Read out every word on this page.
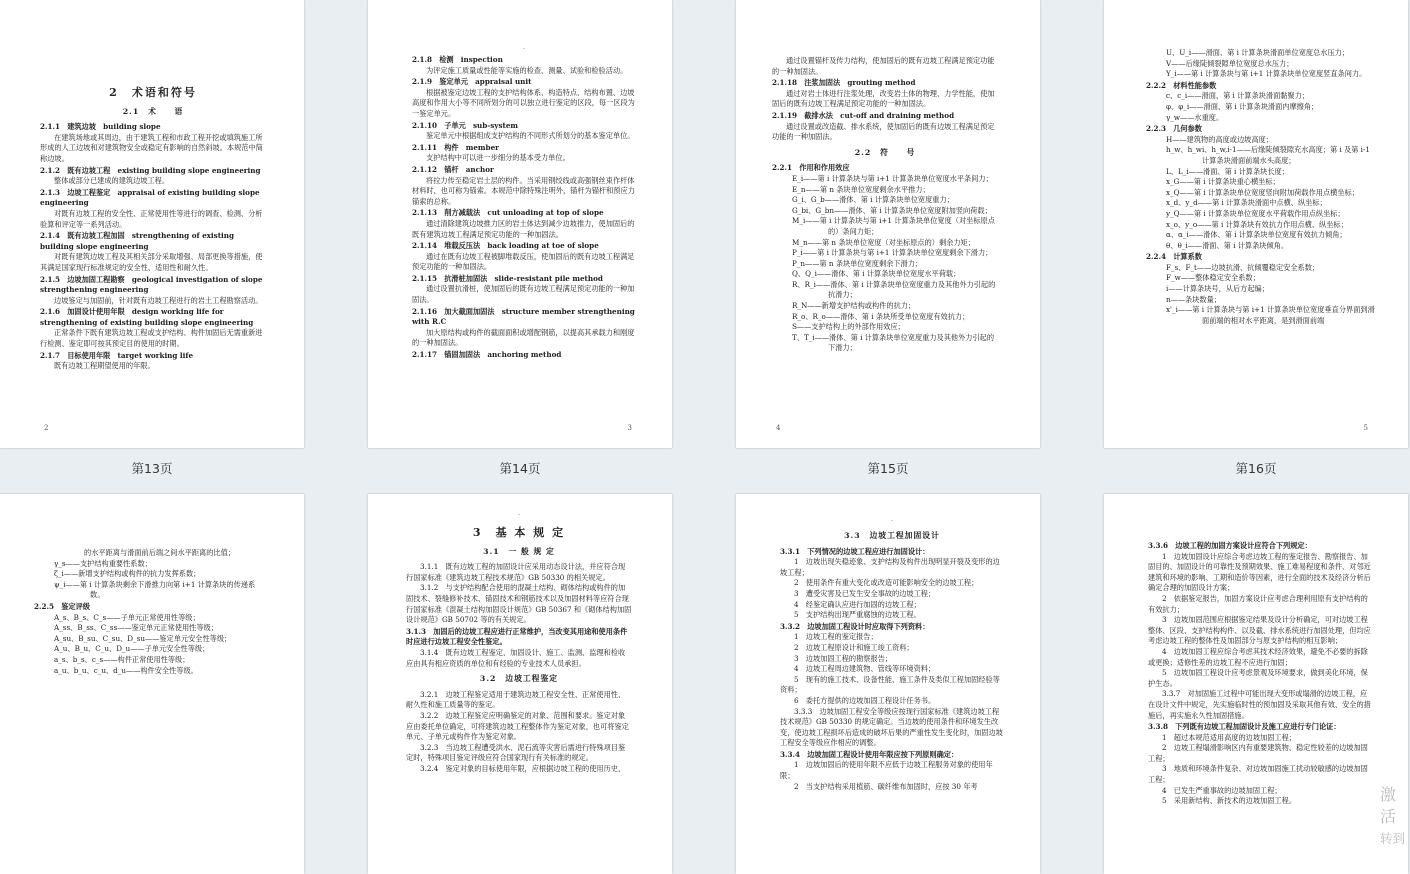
2　术语和符号
2.1　术　　语
2.1.1　建筑边坡　building slope
在建筑场地或其周边，由于建筑工程和市政工程开挖或填筑施工所形成的人工边坡和对建筑物安全或稳定有影响的自然斜坡。本规范中简称边坡。
2.1.2　既有边坡工程　existing building slope engineering
整体或部分已建成的建筑边坡工程。
2.1.3　边坡工程鉴定　appraisal of existing building slope engineering
对既有边坡工程的安全性、正常使用性等进行的调查、检测、分析验算和评定等一系列活动。
2.1.4　既有边坡工程加固　strengthening of existing building slope engineering
对既有建筑边坡工程及其相关部分采取增强、局部更换等措施，使其满足国家现行标准规定的安全性、适用性和耐久性。
2.1.5　边坡加固工程勘察　geological investigation of slope strengthening engineering
边坡鉴定与加固前，针对既有边坡工程进行的岩土工程勘察活动。
2.1.6　加固设计使用年限　design working life for strengthening of existing building slope engineering
正常条件下既有建筑边坡工程或支护结构、构件加固后无需重新进行检测、鉴定即可按其预定目的使用的时期。
2.1.7　目标使用年限　target working life
既有边坡工程期望使用的年限。
2
·
2.1.8　检测　inspection
为评定施工质量或性能等实施的检查、测量、试验和检验活动。
2.1.9　鉴定单元　appraisal unit
根据被鉴定边坡工程的支护结构体系、构造特点、结构布置、边坡高度和作用大小等不同所划分的可以独立进行鉴定的区段，每一区段为一鉴定单元。
2.1.10　子单元　sub-system
鉴定单元中根据组成支护结构的不同形式所划分的基本鉴定单位。
2.1.11　构件　member
支护结构中可以进一步细分的基本受力单位。
2.1.12　锚杆　anchor
将拉力传至稳定岩土层的构件。当采用钢绞线或高强钢丝束作杆体材料时，也可称为锚索。本规范中除特殊注明外，锚杆为锚杆和预应力锚索的总称。
2.1.13　削方减载法　cut unloading at top of slope
通过清除建筑边坡推力区的岩土体达到减少边坡推力，使加固后的既有建筑边坡工程满足预定功能的一种加固法。
2.1.14　堆载反压法　back loading at toe of slope
通过在既有边坡工程被脚堆载反压，使加固后的既有边坡工程满足预定功能的一种加固法。
2.1.15　抗滑桩加固法　slide-resistant pile method
通过设置抗滑桩，使加固后的既有边坡工程满足预定功能的一种加固法。
2.1.16　加大截面加固法　structure member strengthening with R.C
加大原结构或构件的截面面积或增配钢筋，以提高其承载力和刚度的一种加固法。
2.1.17　锚固加固法　anchoring method
3
通过设置锚杆及传力结构，使加固后的既有边坡工程满足预定功能的一种加固法。
2.1.18　注浆加固法　grouting method
通过对岩土体进行注浆处理，改变岩土体的物理、力学性能，使加固后的既有边坡工程满足预定功能的一种加固法。
2.1.19　截排水法　cut-off and draining method
通过设置或改造截、排水系统，使加固后的既有边坡工程满足预定功能的一种加固法。
2.2　符　　号
2.2.1　作用和作用效应
E_i——第 i 计算条块与第 i+1 计算条块单位宽度水平条间力；
E_n——第 n 条块单位宽度剩余水平推力；
G_i、G_b——滑体、第 i 计算条块单位宽度重力；
G_bi、G_bn——滑体、第 i 计算条块单位宽度附加竖向荷载；
M_i——第 i 计算条块与第 i+1 计算条块单位宽度（对坐标原点的）条间力矩；
M_n——第 n 条块单位宽度（对坐标原点的）剩余力矩；
P_i——第 i 计算条块与第 i+1 计算条块单位宽度剩余下滑力；
P_n——第 n 条块单位宽度剩余下滑力；
Q、Q_i——滑体、第 i 计算条块单位宽度水平荷载；
R、R_i——滑体、第 i 计算条块单位宽度重力及其他外力引起的抗滑力；
R_N——新增支护结构或构件的抗力；
R_o、R_o——滑体、第 i 条块所受单位宽度有效抗力；
S——支护结构上的外部作用效应；
T、T_i——滑体、第 i 计算条块单位宽度重力及其他外力引起的下滑力；
4
U、U_i——滑面、第 i 计算条块滑面单位宽度总水压力；
V——后缘陡倾裂隙单位宽度总水压力；
Y_i——第 i 计算条块与第 i+1 计算条块单位宽度竖直条间力。
2.2.2　材料性能参数
c、c_i——滑面、第 i 计算条块滑面黏聚力；
φ、φ_i——滑面、第 i 计算条块滑面内摩擦角；
γ_w——水重度。
2.2.3　几何参数
H——建筑物的高度或边坡高度；
h_w、h_wi、h_w,i-1——后缘陡倾裂隙充水高度；第 i 及第 i-1 计算条块滑面前端水头高度；
L、L_i——滑面、第 i 计算条块长度；
x_G——第 i 计算条块重心横坐标；
x_Q——第 i 计算条块单位宽度竖向附加荷载作用点横坐标；
x_d、y_d——第 i 计算条块滑面中点横、纵坐标；
y_Q——第 i 计算条块单位宽度水平荷载作用点纵坐标；
x_o、y_o——第 i 计算条块有效抗力作用点横、纵坐标；
α、α_i——滑体、第 i 计算条块单位宽度有效抗力倾角；
θ、θ_i——滑面、第 i 计算条块倾角。
2.2.4　计算系数
F_s、F_t——边坡抗滑、抗倾覆稳定安全系数；
F_w——整体稳定安全系数；
i——计算条块号，从后方起编；
n——条块数量；
x'_i——第 i 计算条块与第 i+1 计算条块单位宽度垂直分界面到滑面前端的相对水平距离，是到滑面前端
5
第13页	第14页	第15页	第16页
的水平距离与滑面前后端之间水平距离的比值；
γ_s——支护结构重要性系数；
ζ_i——新增支护结构或构件的抗力发挥系数；
ψ_i——第 i 计算条块剩余下滑推力向第 i+1 计算条块的传递系数。
2.2.5　鉴定评级
A_s、B_s、C_s——子单元正常使用性等级；
A_ss、B_ss、C_ss——鉴定单元正常使用性等级；
A_su、B_su、C_su、D_su——鉴定单元安全性等级；
A_u、B_u、C_u、D_u——子单元安全性等级；
a_s、b_s、c_s——构件正常使用性等级；
a_u、b_u、c_u、d_u——构件安全性等级。
·
3　基 本 规 定
3.1　一 般 规 定
3.1.1　既有边坡工程的加固设计应采用动态设计法，并应符合现行国家标准《建筑边坡工程技术规范》GB 50330 的相关规定。
3.1.2　与支护结构配合使用的混凝土结构、砌体结构或构件的加固技术、裂缝修补技术、锚固技术和钢筋技术以及加固材料等应符合现行国家标准《混凝土结构加固设计规范》GB 50367 和《砌体结构加固设计规范》GB 50702 等的有关规定。
3.1.3　加固后的边坡工程应进行正常维护，当改变其用途和使用条件时应进行边坡工程安全性鉴定。
3.1.4　既有边坡工程鉴定、加固设计、施工、监测、监理和检收应由具有相应资质的单位和有经验的专业技术人员承担。
3.2　边坡工程鉴定
3.2.1　边坡工程鉴定适用于建筑边坡工程安全性、正常使用性、耐久性和施工质量等的鉴定。
3.2.2　边坡工程鉴定应明确鉴定的对象、范围和要求。鉴定对象应由委托单位确定，可将建筑边坡工程整体作为鉴定对象，也可将鉴定单元、子单元或构件作为鉴定对象。
3.2.3　当边坡工程遭受洪水、泥石流等灾害后需进行特殊项目鉴定时，特殊项目鉴定评级应符合国家现行有关标准的规定。
3.2.4　鉴定对象的目标使用年限，应根据边坡工程的使用历史、
·
3.3　边坡工程加固设计
3.3.1　下列情况的边坡工程应进行加固设计：
1　边坡出现失稳迹象、支护结构及构件出现明显开裂及变形的边坡工程；
2　使用条件有重大变化或改造可能影响安全的边坡工程；
3　遭受灾害及已发生安全事故的边坡工程；
4　经鉴定确认应进行加固的边坡工程；
5　支护结构出现严重腐蚀的边坡工程。
3.3.2　边坡加固工程设计时应取得下列资料：
1　边坡工程的鉴定报告；
2　边坡工程原设计和施工竣工资料；
3　边坡加固工程的勘察报告；
4　边坡工程周边建筑物、管线等环境资料；
5　现有的施工技术、设备性能、施工条件及类似工程加固经验等资料；
6　委托方提供的边坡加固工程设计任务书。
3.3.3　边坡加固工程安全等级应按现行国家标准《建筑边坡工程技术规范》GB 50330 的规定确定。当边坡的使用条件和环境发生改变，使边坡工程损坏后造成的破坏后果的严重性发生变化时，加固边坡工程安全等级应作相应的调整。
3.3.4　边坡加固工程设计使用年限应按下列原则确定：
1　边坡加固后的使用年限不应低于边坡工程服务对象的使用年限；
2　当支护结构采用植筋、碳纤维布加固时，应按 30 年考
3.3.6　边坡工程的加固方案设计应符合下列规定：
1　边坡加固设计应综合考虑边坡工程的鉴定报告、勘察报告、加固目的、加固设计的可靠性及预期效果、施工难易程度和条件、对邻近建筑和环境的影响、工期和造价等因素，进行全面的技术及经济分析后确定合理的加固设计方案；
2　依据鉴定报告，加固方案设计应考虑合理利用原有支护结构的有效抗力；
3　边坡加固范围应根据鉴定结果及设计分析确定，可对边坡工程整体、区段、支护结构构件、以及截、排水系统进行加固处理，但均应考虑边坡工程的整体性及加固部分与原支护结构的相互影响；
4　边坡加固工程应综合考虑其技术经济效果，避免不必要的拆除或更换；适修性差的边坡工程不应进行加固；
5　边坡加固工程设计应考虑景观及环境要求，做到美化环境，保护生态。
3.3.7　对加固施工过程中可能出现大变形或塌滑的边坡工程，应在设计文件中规定，先实施临时性的预加固及采取其他有效、安全的措施后，再实施永久性加固措施。
3.3.8　下列既有边坡工程加固设计及施工应进行专门论证：
1　超过本规范适用高度的边坡加固工程；
2　边坡工程塌滑影响区内有重要建筑物、稳定性较差的边坡加固工程；
3　地质和环境条件复杂、对边坡加固施工扰动较敏感的边坡加固工程；
4　已发生严重事故的边坡加固工程；
5　采用新结构、新技术的边坡加固工程。	激活
转到
